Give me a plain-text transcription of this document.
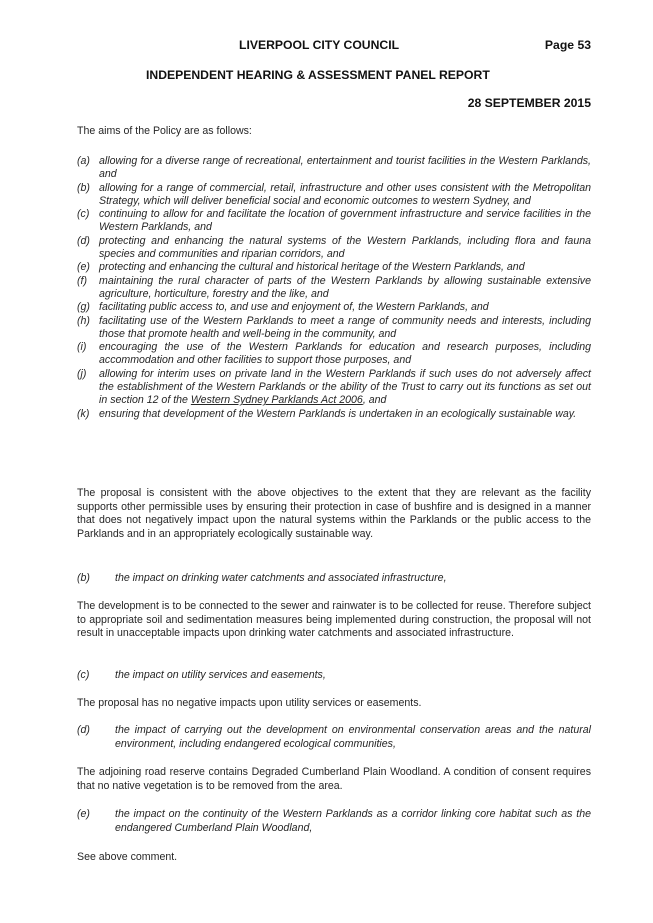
LIVERPOOL CITY COUNCIL	Page 53
INDEPENDENT HEARING & ASSESSMENT PANEL REPORT
28 SEPTEMBER 2015
The aims of the Policy are as follows:
(a) allowing for a diverse range of recreational, entertainment and tourist facilities in the Western Parklands, and
(b) allowing for a range of commercial, retail, infrastructure and other uses consistent with the Metropolitan Strategy, which will deliver beneficial social and economic outcomes to western Sydney, and
(c) continuing to allow for and facilitate the location of government infrastructure and service facilities in the Western Parklands, and
(d) protecting and enhancing the natural systems of the Western Parklands, including flora and fauna species and communities and riparian corridors, and
(e) protecting and enhancing the cultural and historical heritage of the Western Parklands, and
(f) maintaining the rural character of parts of the Western Parklands by allowing sustainable extensive agriculture, horticulture, forestry and the like, and
(g) facilitating public access to, and use and enjoyment of, the Western Parklands, and
(h) facilitating use of the Western Parklands to meet a range of community needs and interests, including those that promote health and well-being in the community, and
(i) encouraging the use of the Western Parklands for education and research purposes, including accommodation and other facilities to support those purposes, and
(j) allowing for interim uses on private land in the Western Parklands if such uses do not adversely affect the establishment of the Western Parklands or the ability of the Trust to carry out its functions as set out in section 12 of the Western Sydney Parklands Act 2006, and
(k) ensuring that development of the Western Parklands is undertaken in an ecologically sustainable way.
The proposal is consistent with the above objectives to the extent that they are relevant as the facility supports other permissible uses by ensuring their protection in case of bushfire and is designed in a manner that does not negatively impact upon the natural systems within the Parklands or the public access to the Parklands and in an appropriately ecologically sustainable way.
(b) the impact on drinking water catchments and associated infrastructure,
The development is to be connected to the sewer and rainwater is to be collected for reuse. Therefore subject to appropriate soil and sedimentation measures being implemented during construction, the proposal will not result in unacceptable impacts upon drinking water catchments and associated infrastructure.
(c) the impact on utility services and easements,
The proposal has no negative impacts upon utility services or easements.
(d) the impact of carrying out the development on environmental conservation areas and the natural environment, including endangered ecological communities,
The adjoining road reserve contains Degraded Cumberland Plain Woodland. A condition of consent requires that no native vegetation is to be removed from the area.
(e) the impact on the continuity of the Western Parklands as a corridor linking core habitat such as the endangered Cumberland Plain Woodland,
See above comment.
